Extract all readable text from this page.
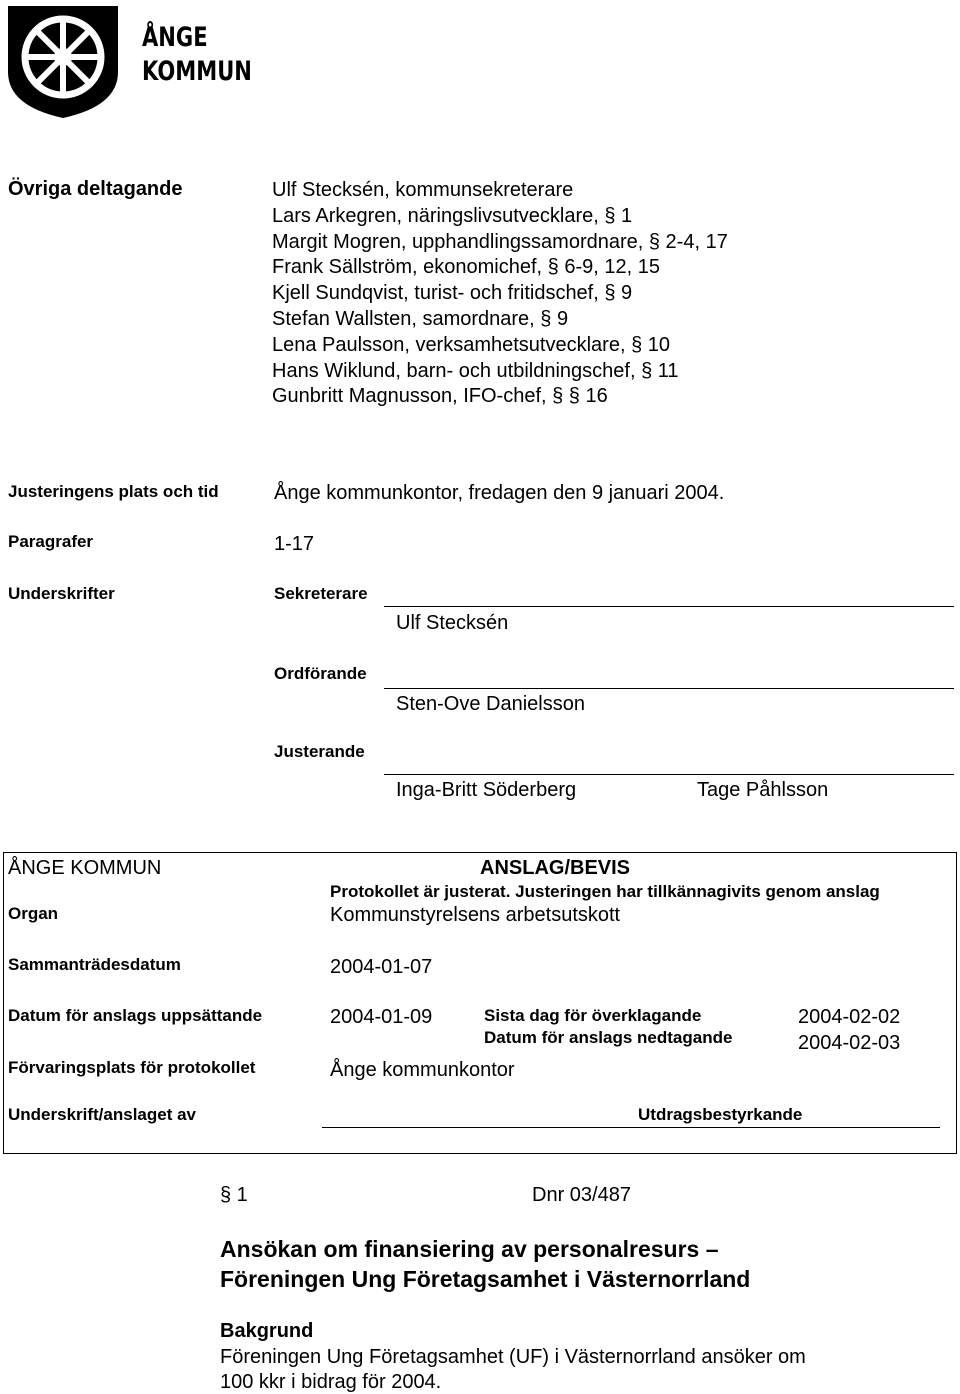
ÅNGE
KOMMUN
Övriga deltagande	Ulf Stecksén, kommunsekreterare
Lars Arkegren, näringslivsutvecklare, § 1
Margit Mogren, upphandlingssamordnare, § 2-4, 17
Frank Sällström, ekonomichef, § 6-9, 12, 15
Kjell Sundqvist, turist- och fritidschef, § 9
Stefan Wallsten, samordnare, § 9
Lena Paulsson, verksamhetsutvecklare, § 10
Hans Wiklund, barn- och utbildningschef, § 11
Gunbritt Magnusson, IFO-chef, § § 16
Justeringens plats och tid	Ånge kommunkontor, fredagen den 9 januari 2004.
Paragrafer	1-17
Underskrifter	Sekreterare
Ulf Stecksén
Ordförande
Sten-Ove Danielsson
Justerande
Inga-Britt Söderberg	Tage Påhlsson
ÅNGE KOMMUN	ANSLAG/BEVIS
Protokollet är justerat. Justeringen har tillkännagivits genom anslag
Organ	Kommunstyrelsens arbetsutskott
Sammanträdesdatum	2004-01-07
Datum för anslags uppsättande	2004-01-09	Sista dag för överklagande	2004-02-02
Datum för anslags nedtagande	2004-02-03
Förvaringsplats för protokollet	Ånge kommunkontor
Underskrift/anslaget av	Utdragsbestyrkande
§ 1	Dnr 03/487
Ansökan om finansiering av personalresurs –
Föreningen Ung Företagsamhet i Västernorrland
Bakgrund
Föreningen Ung Företagsamhet (UF) i Västernorrland ansöker om
100 kkr i bidrag för 2004.
